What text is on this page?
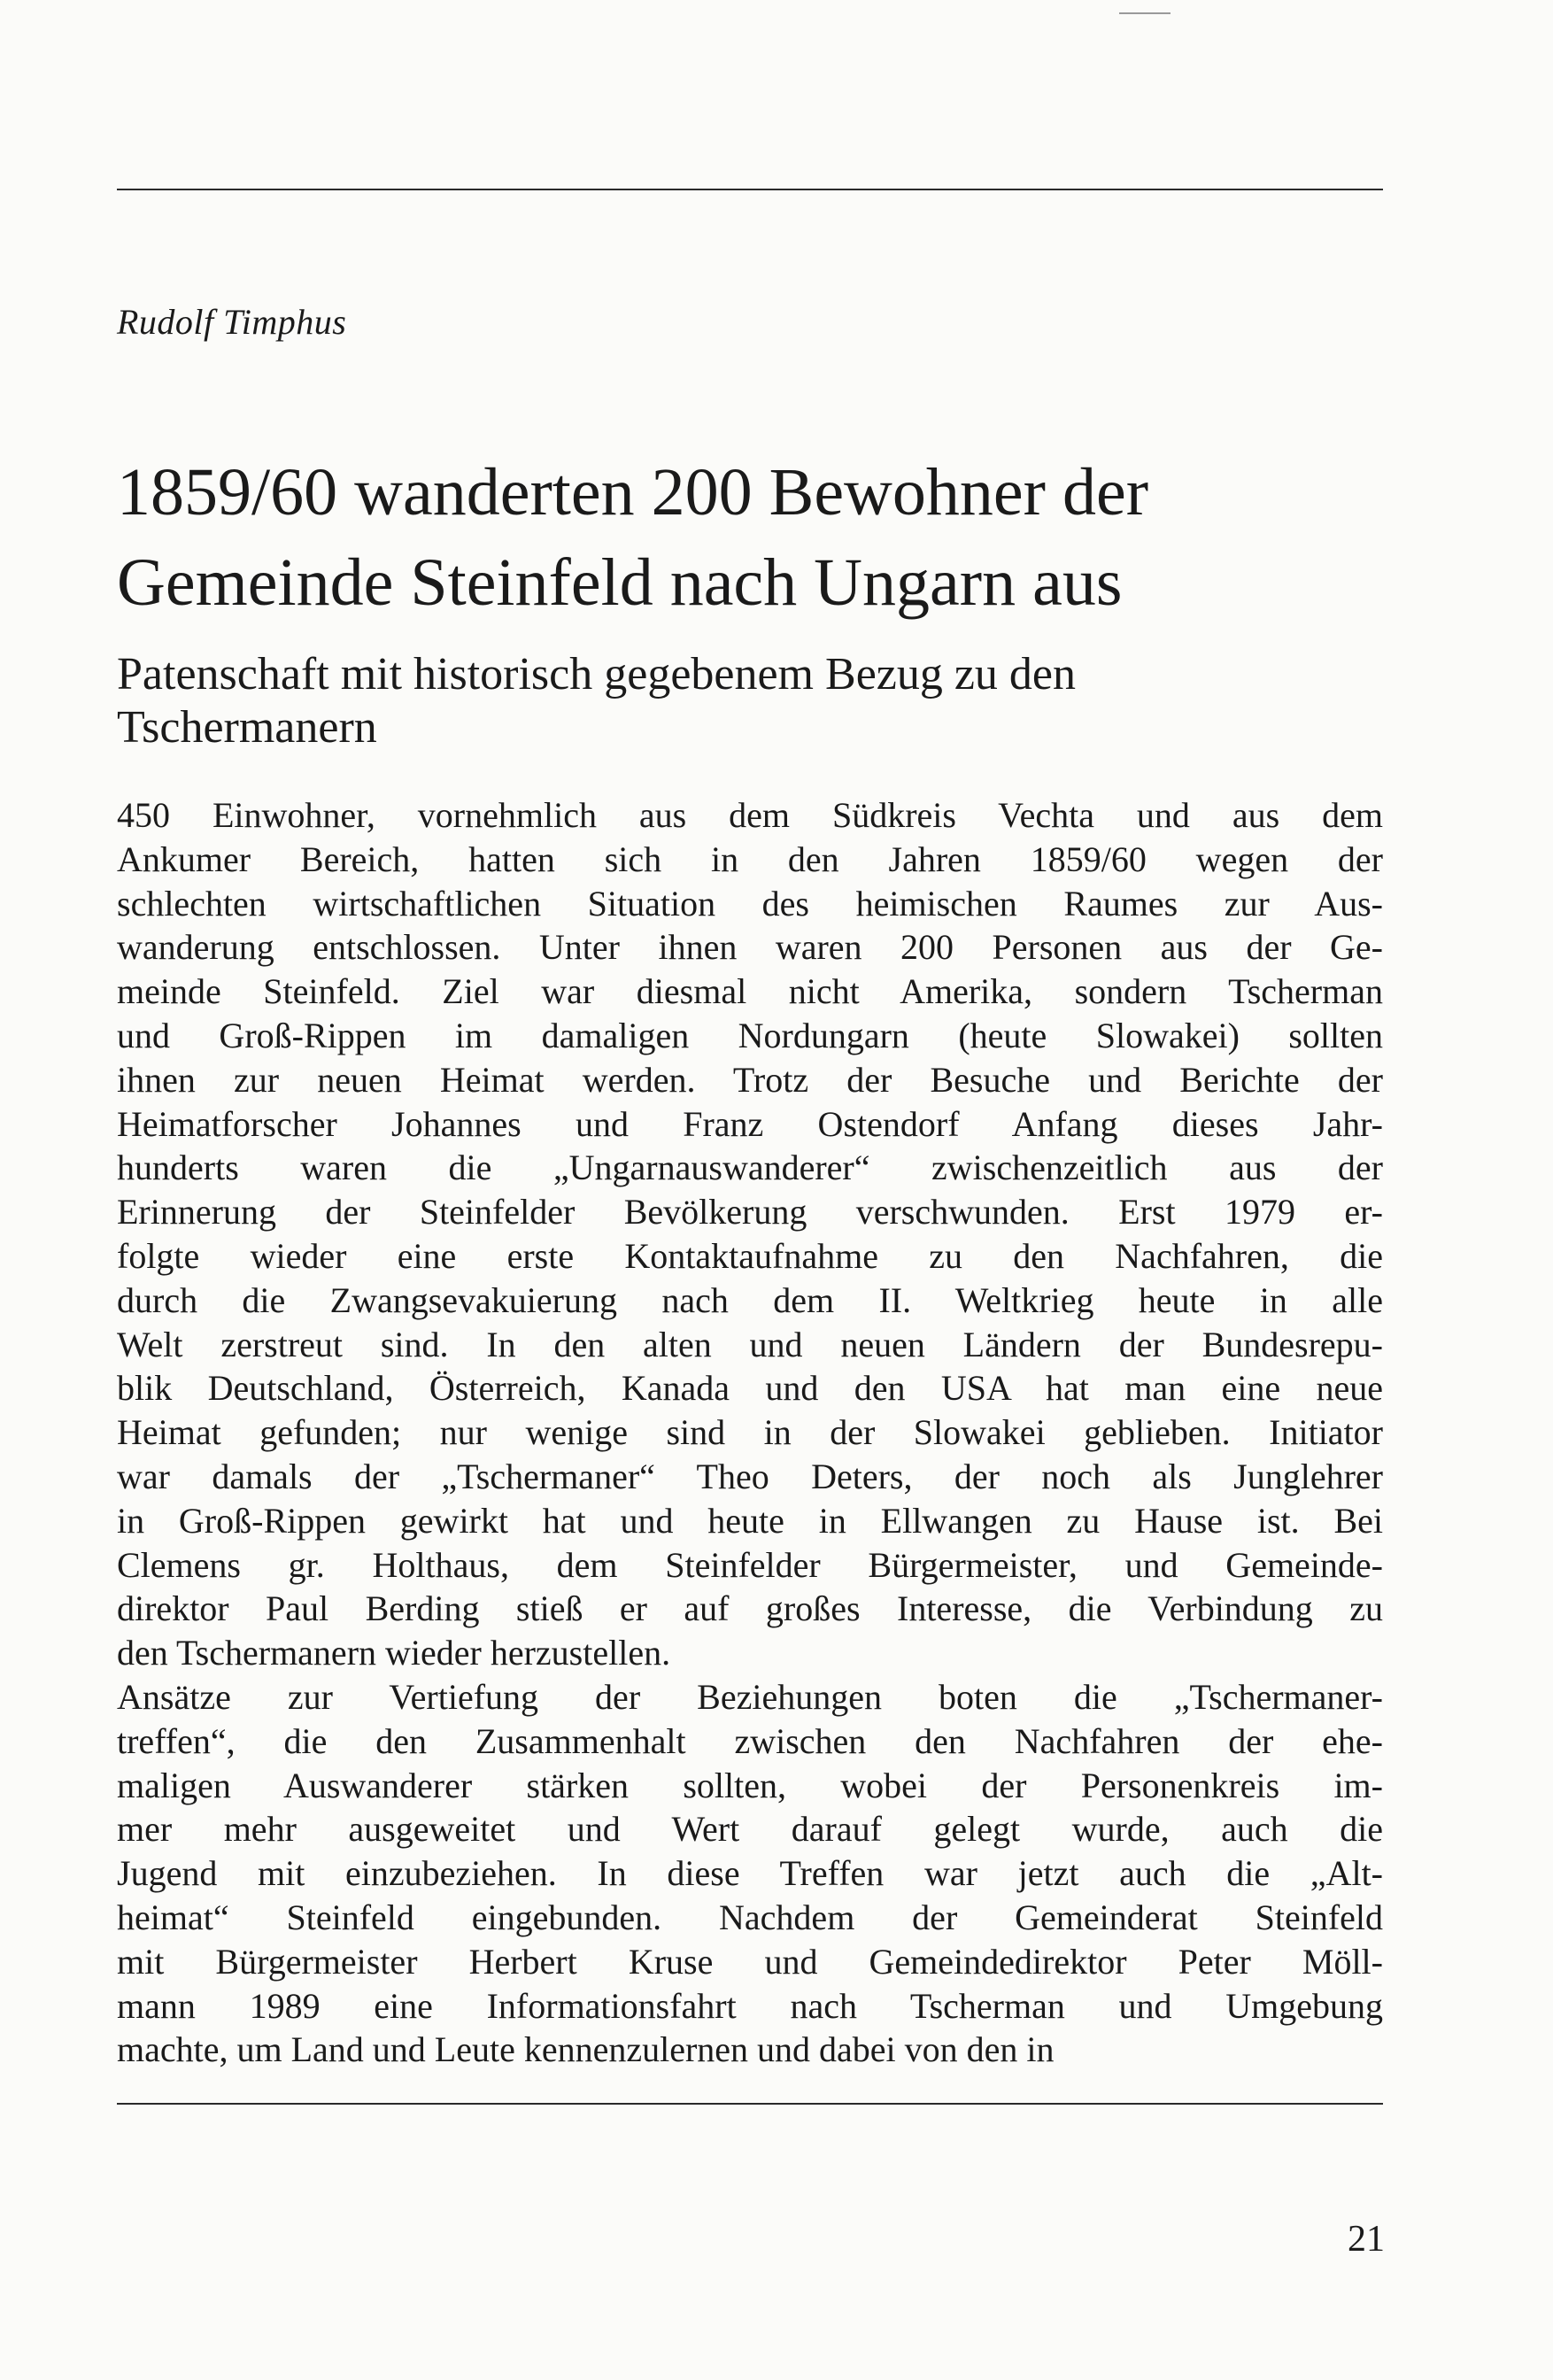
Rudolf Timphus
1859/60 wanderten 200 Bewohner der
Gemeinde Steinfeld nach Ungarn aus
Patenschaft mit historisch gegebenem Bezug zu den
Tschermanern
450 Einwohner, vornehmlich aus dem Südkreis Vechta und aus dem
Ankumer Bereich, hatten sich in den Jahren 1859/60 wegen der
schlechten wirtschaftlichen Situation des heimischen Raumes zur Aus-
wanderung entschlossen. Unter ihnen waren 200 Personen aus der Ge-
meinde Steinfeld. Ziel war diesmal nicht Amerika, sondern Tscherman
und Groß-Rippen im damaligen Nordungarn (heute Slowakei) sollten
ihnen zur neuen Heimat werden. Trotz der Besuche und Berichte der
Heimatforscher Johannes und Franz Ostendorf Anfang dieses Jahr-
hunderts waren die „Ungarnauswanderer“ zwischenzeitlich aus der
Erinnerung der Steinfelder Bevölkerung verschwunden. Erst 1979 er-
folgte wieder eine erste Kontaktaufnahme zu den Nachfahren, die
durch die Zwangsevakuierung nach dem II. Weltkrieg heute in alle
Welt zerstreut sind. In den alten und neuen Ländern der Bundesrepu-
blik Deutschland, Österreich, Kanada und den USA hat man eine neue
Heimat gefunden; nur wenige sind in der Slowakei geblieben. Initiator
war damals der „Tschermaner“ Theo Deters, der noch als Junglehrer
in Groß-Rippen gewirkt hat und heute in Ellwangen zu Hause ist. Bei
Clemens gr. Holthaus, dem Steinfelder Bürgermeister, und Gemeinde-
direktor Paul Berding stieß er auf großes Interesse, die Verbindung zu
den Tschermanern wieder herzustellen.
Ansätze zur Vertiefung der Beziehungen boten die „Tschermaner-
treffen“, die den Zusammenhalt zwischen den Nachfahren der ehe-
maligen Auswanderer stärken sollten, wobei der Personenkreis im-
mer mehr ausgeweitet und Wert darauf gelegt wurde, auch die
Jugend mit einzubeziehen. In diese Treffen war jetzt auch die „Alt-
heimat“ Steinfeld eingebunden. Nachdem der Gemeinderat Steinfeld
mit Bürgermeister Herbert Kruse und Gemeindedirektor Peter Möll-
mann 1989 eine Informationsfahrt nach Tscherman und Umgebung
machte, um Land und Leute kennenzulernen und dabei von den in
21
